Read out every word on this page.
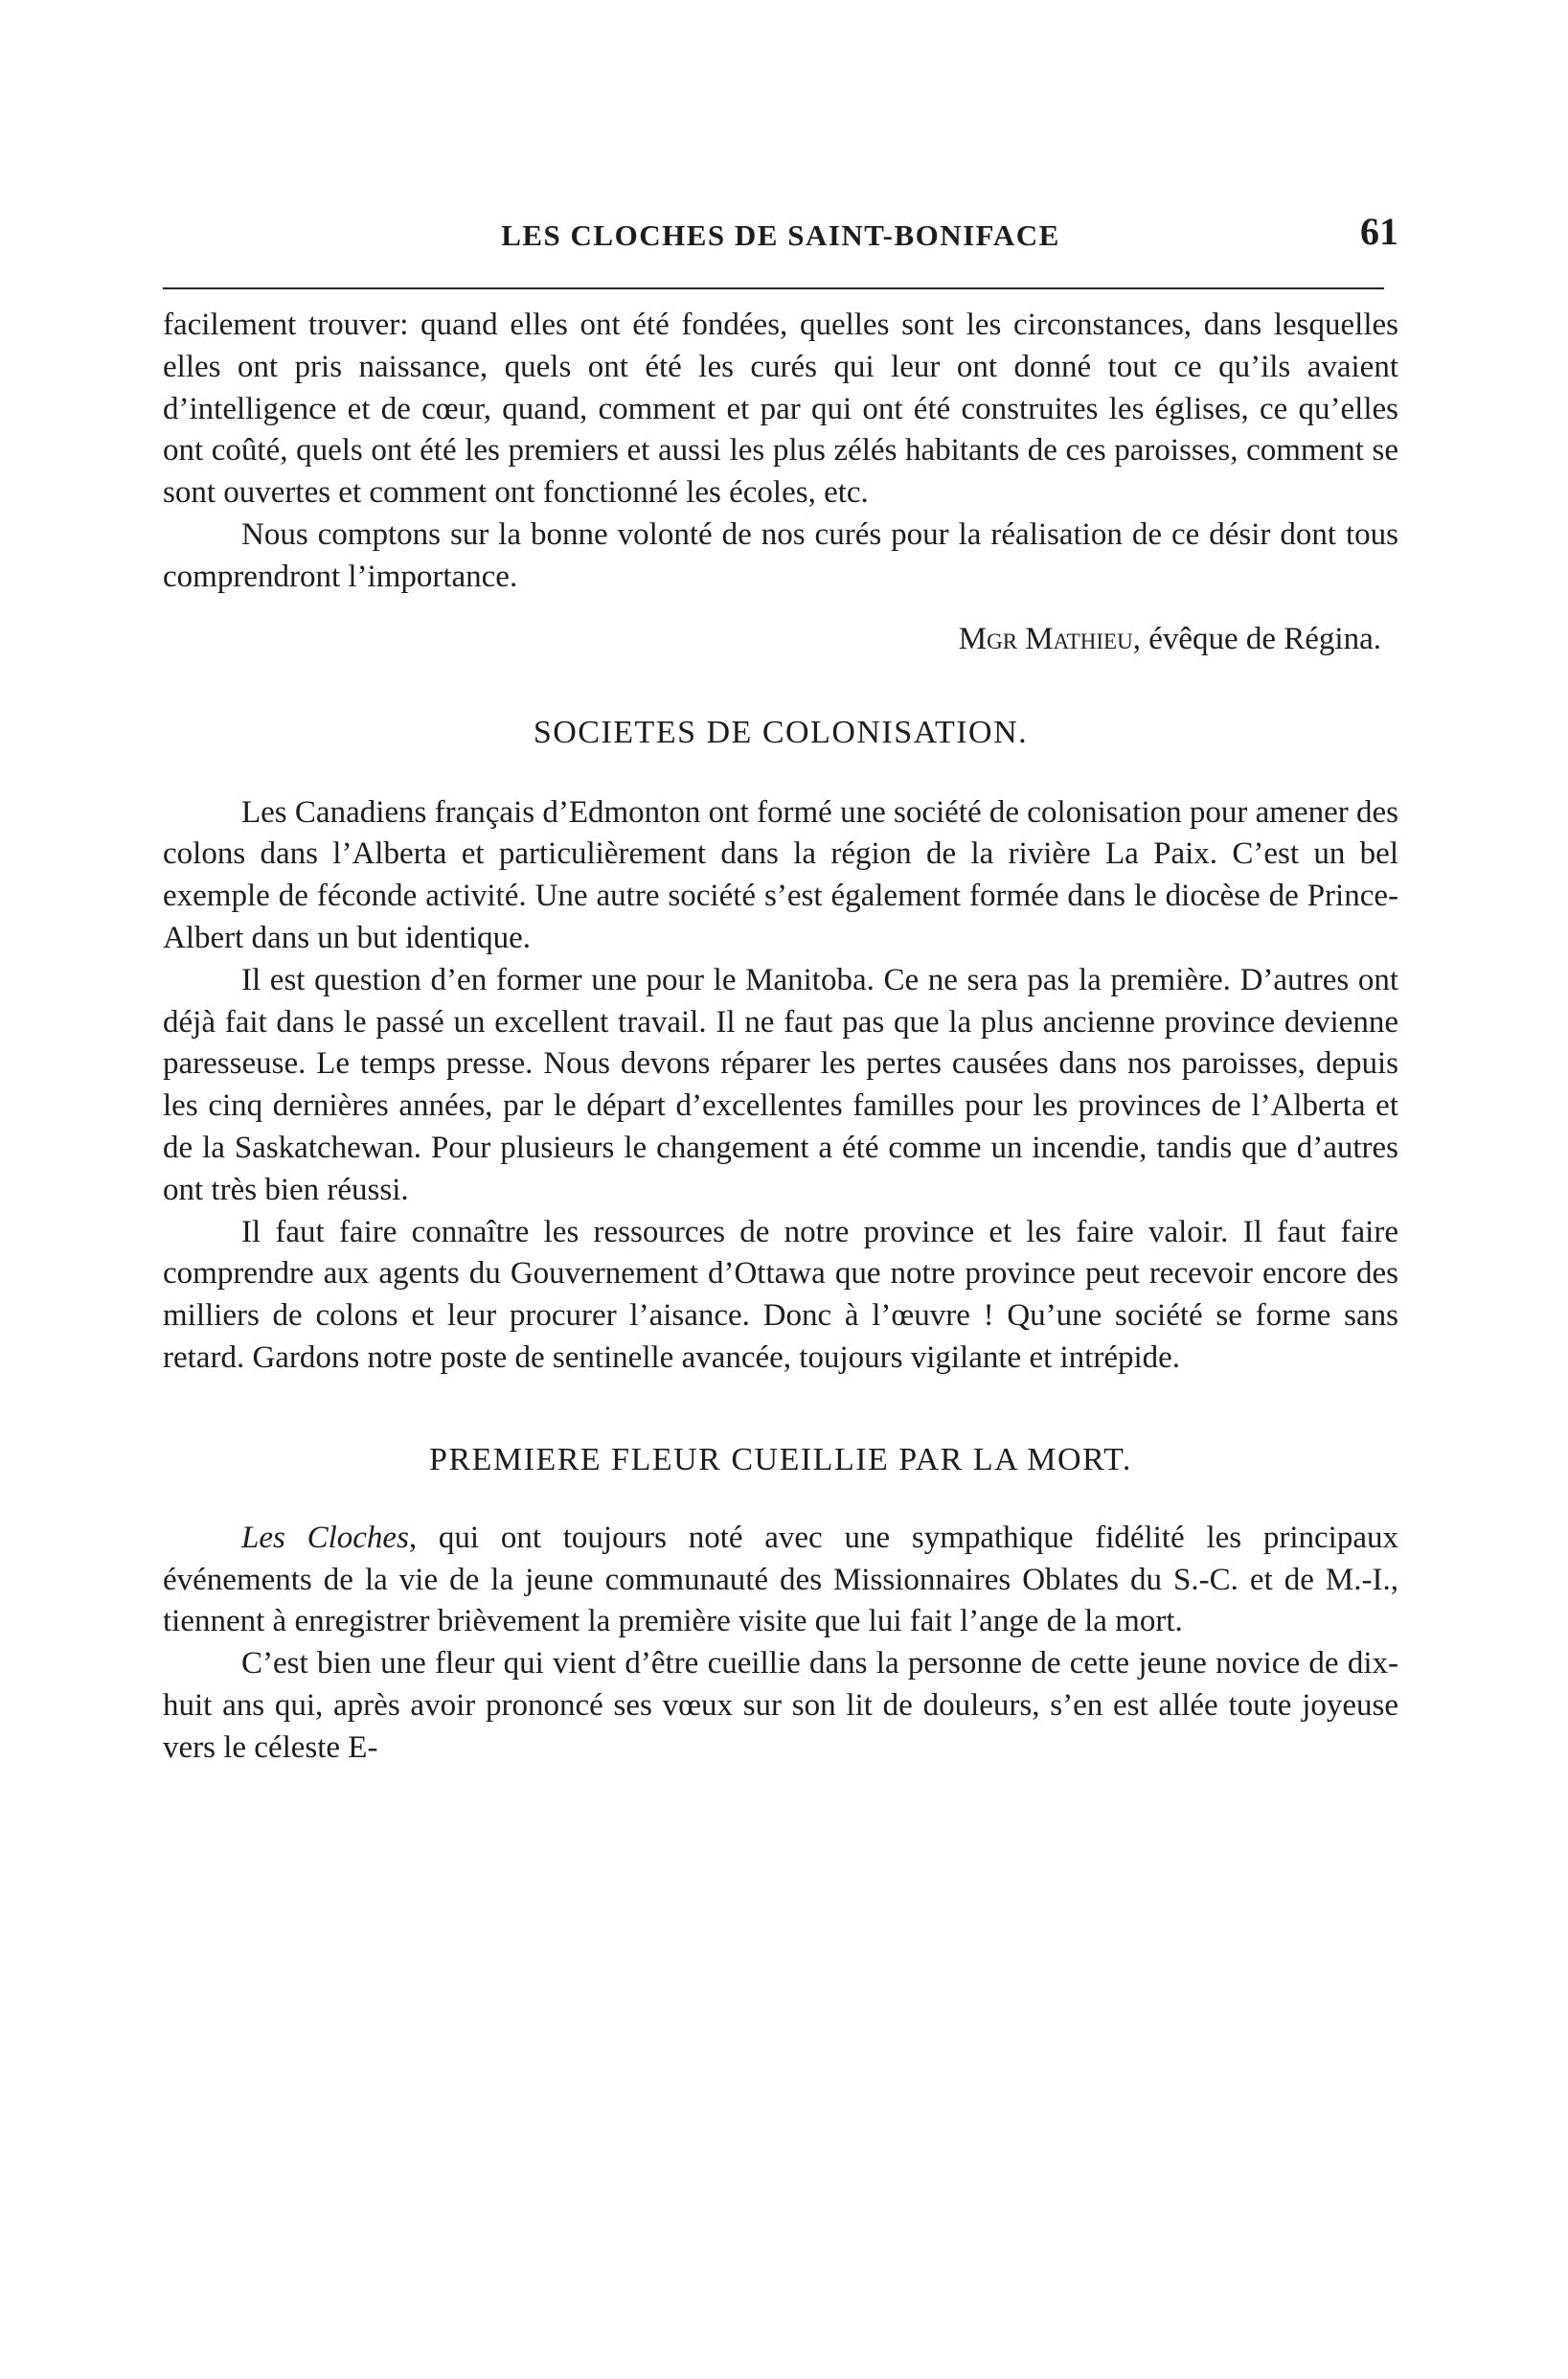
LES CLOCHES DE SAINT-BONIFACE	61

facilement trouver: quand elles ont été fondées, quelles sont les circonstances, dans lesquelles elles ont pris naissance, quels ont été les curés qui leur ont donné tout ce qu’ils avaient d’intelligence et de cœur, quand, comment et par qui ont été construites les églises, ce qu’elles ont coûté, quels ont été les premiers et aussi les plus zélés habitants de ces paroisses, comment se sont ouvertes et comment ont fonctionné les écoles, etc.

Nous comptons sur la bonne volonté de nos curés pour la réalisation de ce désir dont tous comprendront l’importance.

Mgr Mathieu, évêque de Régina.
SOCIETES DE COLONISATION.

Les Canadiens français d’Edmonton ont formé une société de colonisation pour amener des colons dans l’Alberta et particulièrement dans la région de la rivière La Paix. C’est un bel exemple de féconde activité. Une autre société s’est également formée dans le diocèse de Prince-Albert dans un but identique.

Il est question d’en former une pour le Manitoba. Ce ne sera pas la première. D’autres ont déjà fait dans le passé un excellent travail. Il ne faut pas que la plus ancienne province devienne paresseuse. Le temps presse. Nous devons réparer les pertes causées dans nos paroisses, depuis les cinq dernières années, par le départ d’excellentes familles pour les provinces de l’Alberta et de la Saskatchewan. Pour plusieurs le changement a été comme un incendie, tandis que d’autres ont très bien réussi.

Il faut faire connaître les ressources de notre province et les faire valoir. Il faut faire comprendre aux agents du Gouvernement d’Ottawa que notre province peut recevoir encore des milliers de colons et leur procurer l’aisance. Donc à l’œuvre ! Qu’une société se forme sans retard. Gardons notre poste de sentinelle avancée, toujours vigilante et intrépide.

PREMIERE FLEUR CUEILLIE PAR LA MORT.

Les Cloches, qui ont toujours noté avec une sympathique fidélité les principaux événements de la vie de la jeune communauté des Missionnaires Oblates du S.-C. et de M.-I., tiennent à enregistrer brièvement la première visite que lui fait l’ange de la mort.

C’est bien une fleur qui vient d’être cueillie dans la personne de cette jeune novice de dix-huit ans qui, après avoir prononcé ses vœux sur son lit de douleurs, s’en est allée toute joyeuse vers le céleste E-
